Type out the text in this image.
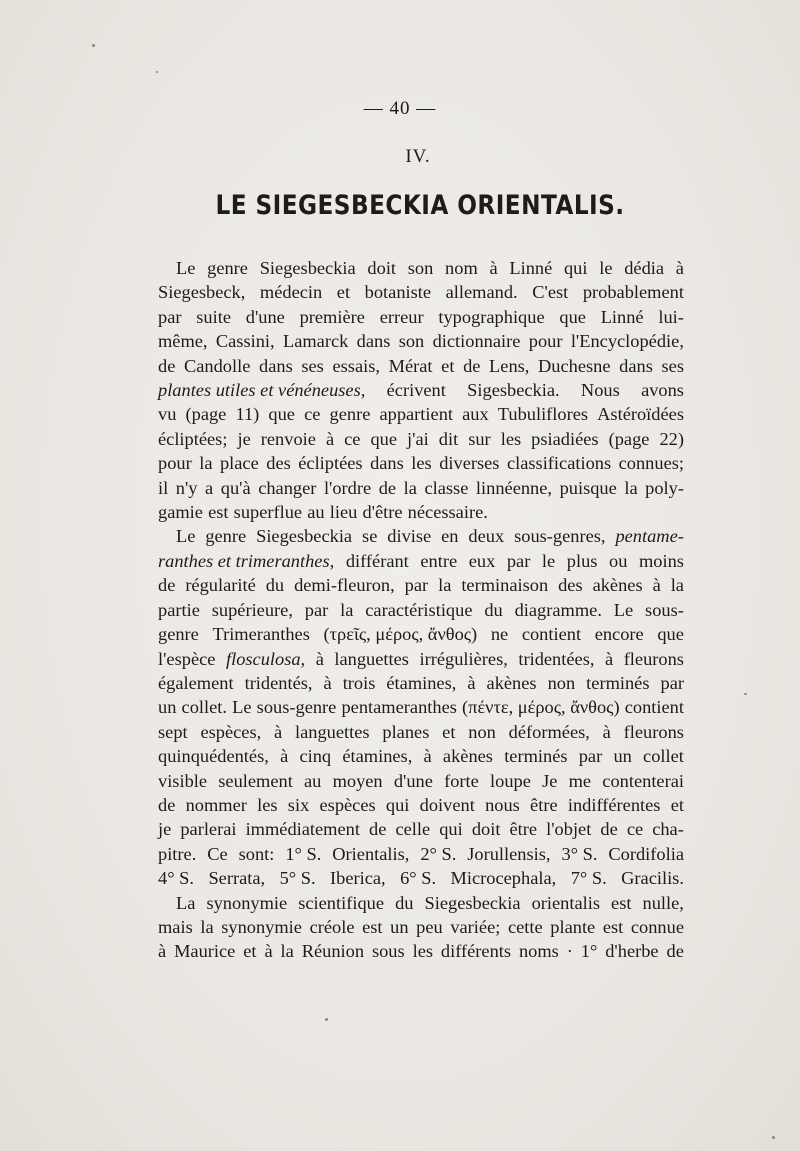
— 40 —
IV.
LE SIEGESBECKIA ORIENTALIS.
Le genre Siegesbeckia doit son nom à Linné qui le dédia à
Siegesbeck, médecin et botaniste allemand. C'est probablement
par suite d'une première erreur typographique que Linné lui-
même, Cassini, Lamarck dans son dictionnaire pour l'Encyclopédie,
de Candolle dans ses essais, Mérat et de Lens, Duchesne dans ses
plantes utiles et vénéneuses, écrivent Sigesbeckia. Nous avons
vu (page 11) que ce genre appartient aux Tubuliflores Astéroïdées
écliptées; je renvoie à ce que j'ai dit sur les psiadiées (page 22)
pour la place des écliptées dans les diverses classifications connues;
il n'y a qu'à changer l'ordre de la classe linnéenne, puisque la poly-
gamie est superflue au lieu d'être nécessaire.
Le genre Siegesbeckia se divise en deux sous-genres, pentame-
ranthes et trimeranthes, différant entre eux par le plus ou moins
de régularité du demi-fleuron, par la terminaison des akènes à la
partie supérieure, par la caractéristique du diagramme. Le sous-
genre Trimeranthes (τρεῖς, μέρος, ἄνθος) ne contient encore que
l'espèce flosculosa, à languettes irrégulières, tridentées, à fleurons
également tridentés, à trois étamines, à akènes non terminés par
un collet. Le sous-genre pentameranthes (πέντε, μέρος, ἄνθος) contient
sept espèces, à languettes planes et non déformées, à fleurons
quinquédentés, à cinq étamines, à akènes terminés par un collet
visible seulement au moyen d'une forte loupe Je me contenterai
de nommer les six espèces qui doivent nous être indifférentes et
je parlerai immédiatement de celle qui doit être l'objet de ce cha-
pitre. Ce sont: 1° S. Orientalis, 2° S. Jorullensis, 3° S. Cordifolia
4° S. Serrata, 5° S. Iberica, 6° S. Microcephala, 7° S. Gracilis.
La synonymie scientifique du Siegesbeckia orientalis est nulle,
mais la synonymie créole est un peu variée; cette plante est connue
à Maurice et à la Réunion sous les différents noms · 1° d'herbe de
